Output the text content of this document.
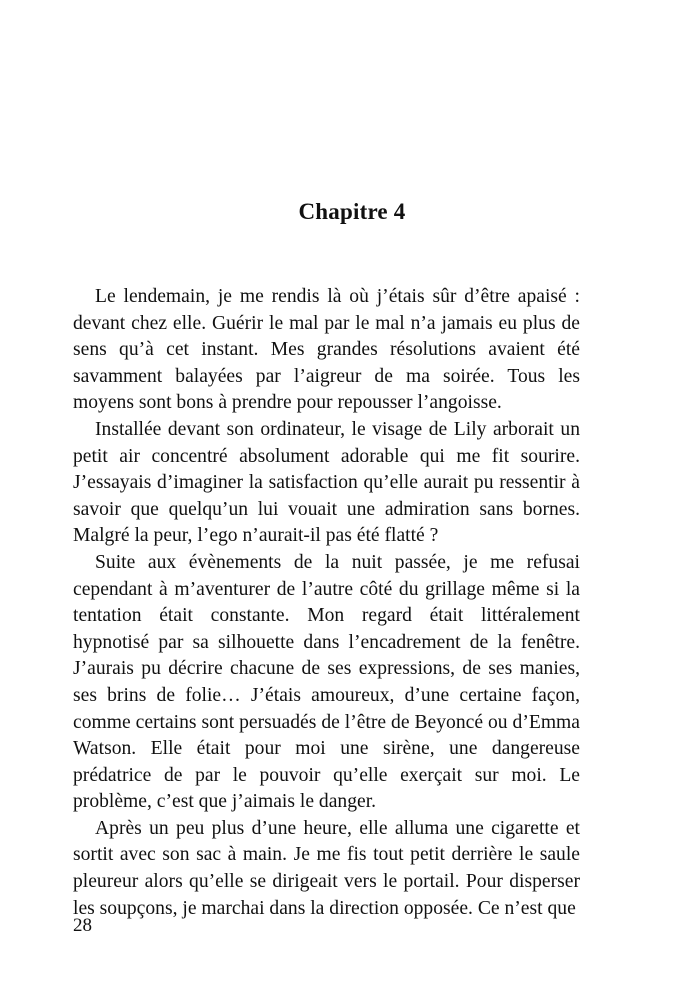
Chapitre 4

Le lendemain, je me rendis là où j’étais sûr d’être apaisé : devant chez elle. Guérir le mal par le mal n’a jamais eu plus de sens qu’à cet instant. Mes grandes résolutions avaient été savamment balayées par l’aigreur de ma soirée. Tous les moyens sont bons à prendre pour repousser l’angoisse.

Installée devant son ordinateur, le visage de Lily arborait un petit air concentré absolument adorable qui me fit sourire. J’essayais d’imaginer la satisfaction qu’elle aurait pu ressentir à savoir que quelqu’un lui vouait une admiration sans bornes. Malgré la peur, l’ego n’aurait-il pas été flatté ?

Suite aux évènements de la nuit passée, je me refusai cependant à m’aventurer de l’autre côté du grillage même si la tentation était constante. Mon regard était littéralement hypnotisé par sa silhouette dans l’encadrement de la fenêtre. J’aurais pu décrire chacune de ses expressions, de ses manies, ses brins de folie… J’étais amoureux, d’une certaine façon, comme certains sont persuadés de l’être de Beyoncé ou d’Emma Watson. Elle était pour moi une sirène, une dangereuse prédatrice de par le pouvoir qu’elle exerçait sur moi. Le problème, c’est que j’aimais le danger.

Après un peu plus d’une heure, elle alluma une cigarette et sortit avec son sac à main. Je me fis tout petit derrière le saule pleureur alors qu’elle se dirigeait vers le portail. Pour disperser les soupçons, je marchai dans la direction opposée. Ce n’est que

28
